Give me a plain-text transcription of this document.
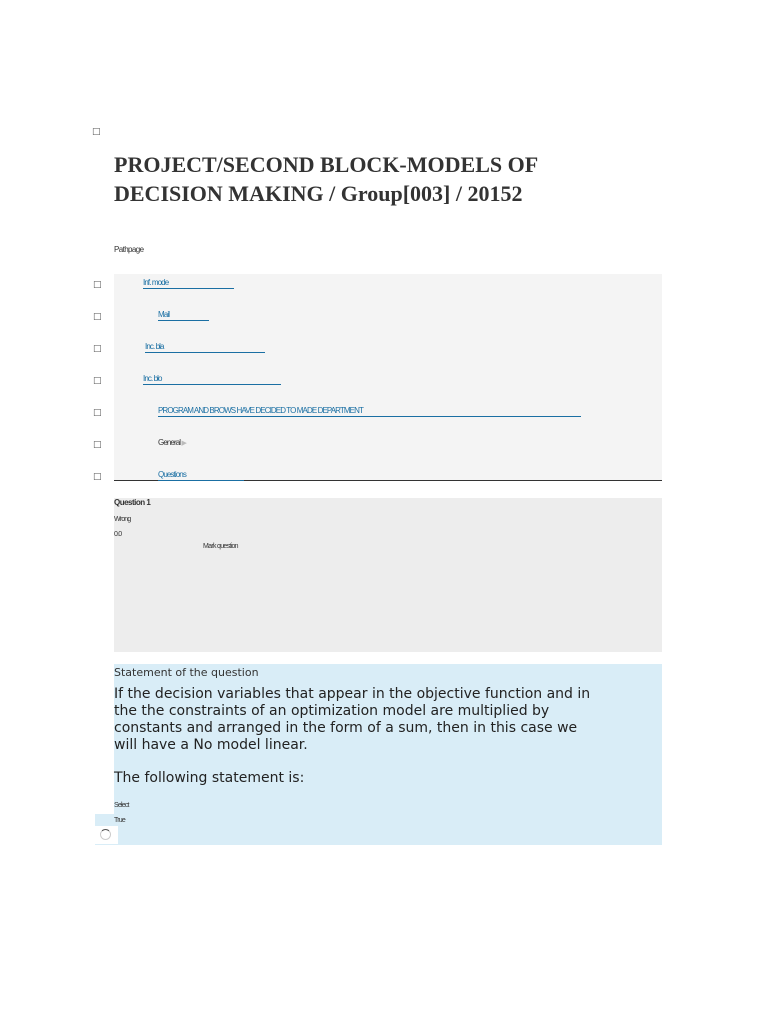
□
PROJECT/SECOND BLOCK-MODELS OF DECISION MAKING / Group[003] / 20152
Pathpage
□	Inf. mode
□	Mail
□	Inc. bla
□	Inc. blo
□	PROGRAM AND BROWS HAVE DECIDED TO MADE DEPARTMENT
□	General ▶
□	Questions
Question 1
Wrong
0.0
Mark question
Statement of the question

If the decision variables that appear in the objective function and in the the constraints of an optimization model are multiplied by constants and arranged in the form of a sum, then in this case we will have a No model linear.

The following statement is:

Select
True
